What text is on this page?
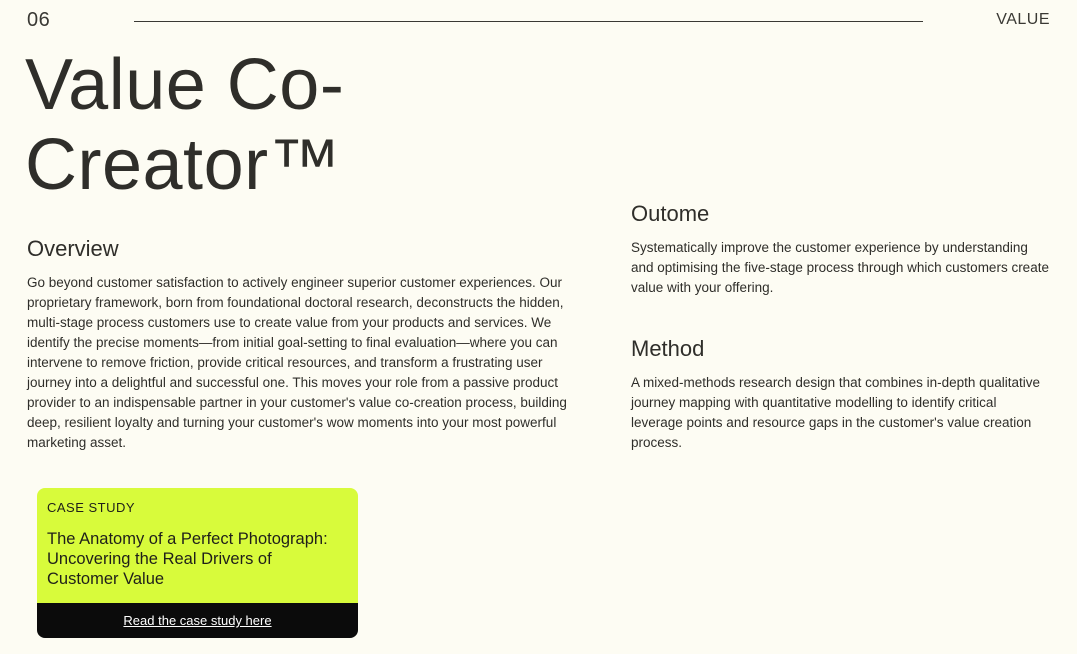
06	VALUE
Value Co-Creator™
Overview

Go beyond customer satisfaction to actively engineer superior customer experiences. Our proprietary framework, born from foundational doctoral research, deconstructs the hidden, multi-stage process customers use to create value from your products and services. We identify the precise moments—from initial goal-setting to final evaluation—where you can intervene to remove friction, provide critical resources, and transform a frustrating user journey into a delightful and successful one. This moves your role from a passive product provider to an indispensable partner in your customer's value co-creation process, building deep, resilient loyalty and turning your customer's wow moments into your most powerful marketing asset.

Outome

Systematically improve the customer experience by understanding and optimising the five-stage process through which customers create value with your offering.

Method

A mixed-methods research design that combines in-depth qualitative journey mapping with quantitative modelling to identify critical leverage points and resource gaps in the customer's value creation process.

CASE STUDY
The Anatomy of a Perfect Photograph: Uncovering the Real Drivers of Customer Value
Read the case study here
